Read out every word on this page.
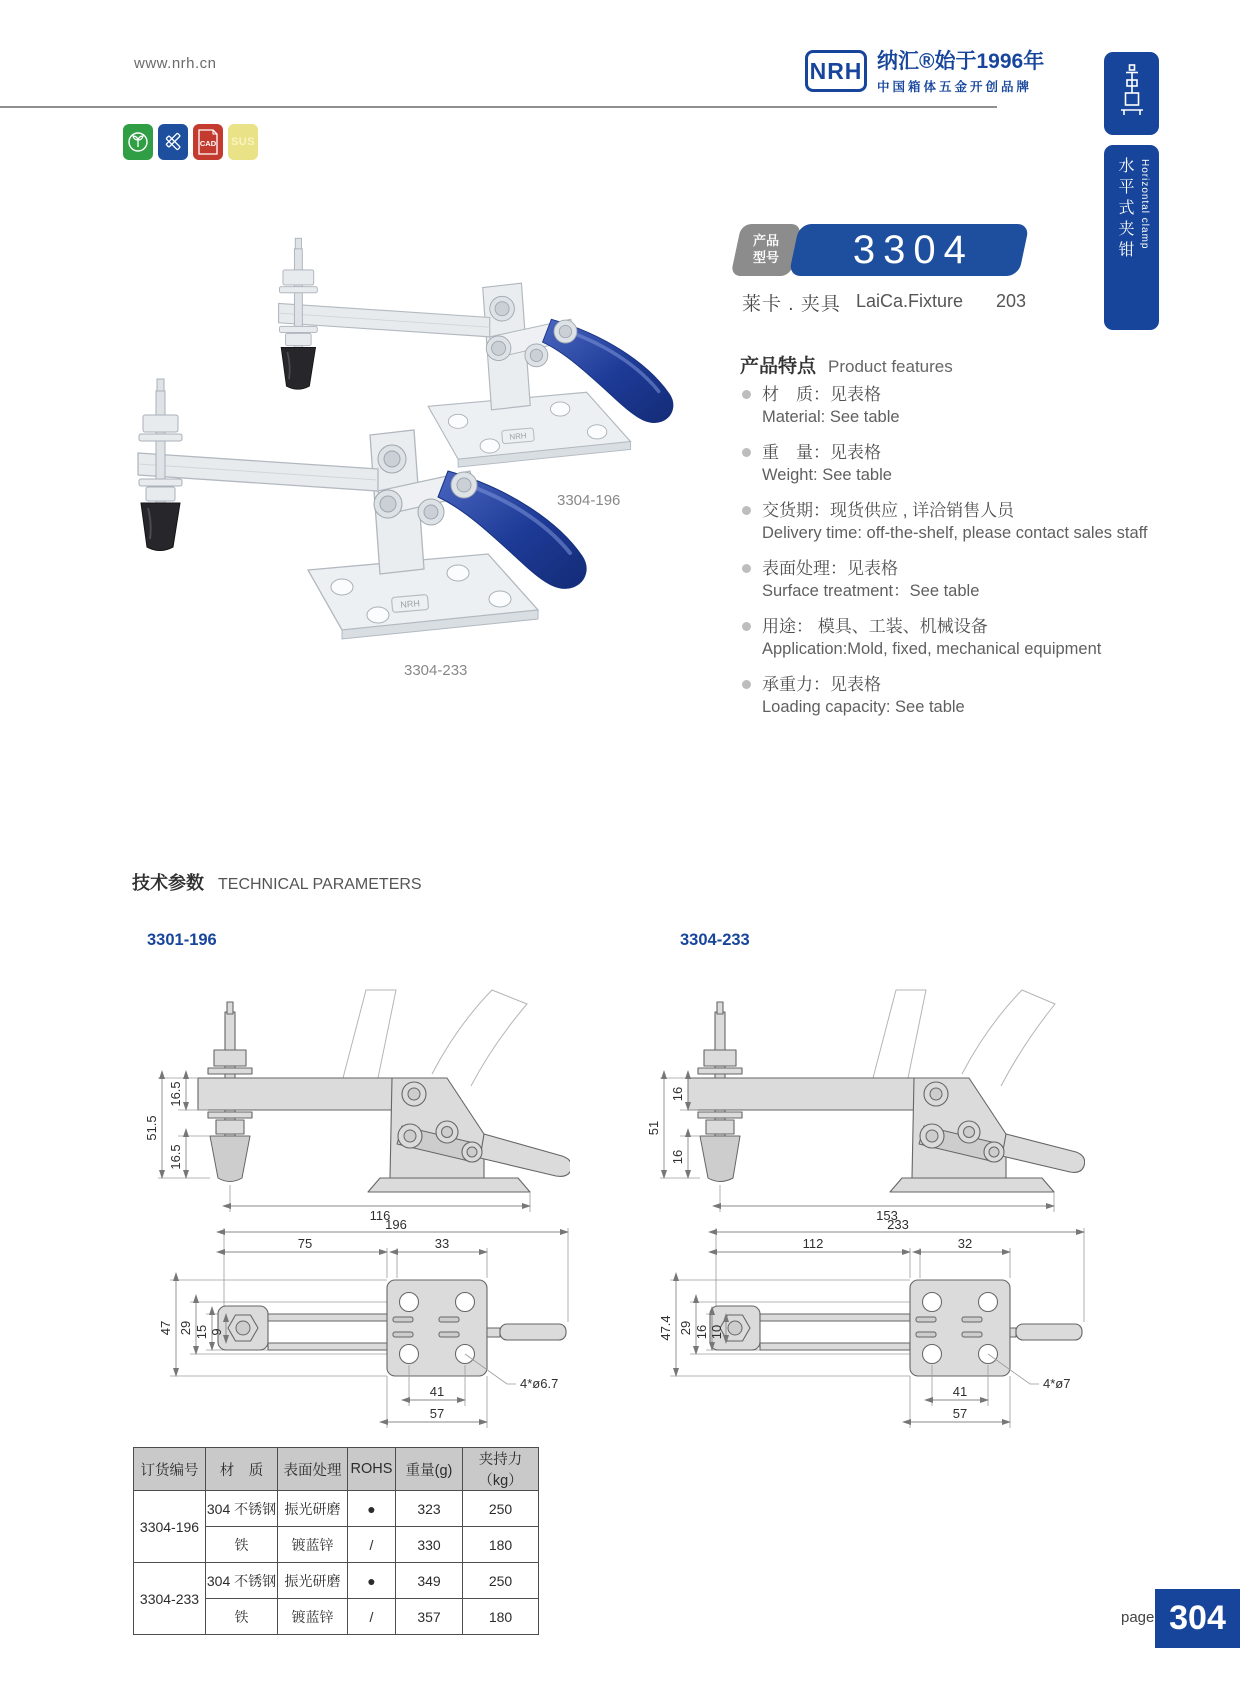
www.nrh.cn	NRH 纳汇®始于1996年
中国箱体五金开创品牌
水平式夹钳 Horizontal clamp
CAD SUS
3304-196
3304-233
产品
型号 3304
莱卡 . 夹具 LaiCa.Fixture 203
产品特点 Product features
材　质：见表格
Material: See table
重　量：见表格
Weight: See table
交货期：现货供应 , 详洽销售人员
Delivery time: off-the-shelf, please contact sales staff
表面处理：见表格
Surface treatment：See table
用途： 模具、工装、机械设备
Application:Mold, fixed, mechanical equipment
承重力：见表格
Loading capacity: See table
技术参数 TECHNICAL PARAMETERS
3301-196	3304-233
16.5
51.5
16.5
116
196
75	33
47 29 15 9
41
57
4*ø6.7
16
51
16
153
233
112	32
47.4 29 16 10
41
57
4*ø7
订货编号	材　质	表面处理	ROHS	重量(g)	夹持力（kg）
3304-196	304 不锈钢	振光研磨	●	323	250
	铁	镀蓝锌	/	330	180
3304-233	304 不锈钢	振光研磨	●	349	250
	铁	镀蓝锌	/	357	180	page 304
